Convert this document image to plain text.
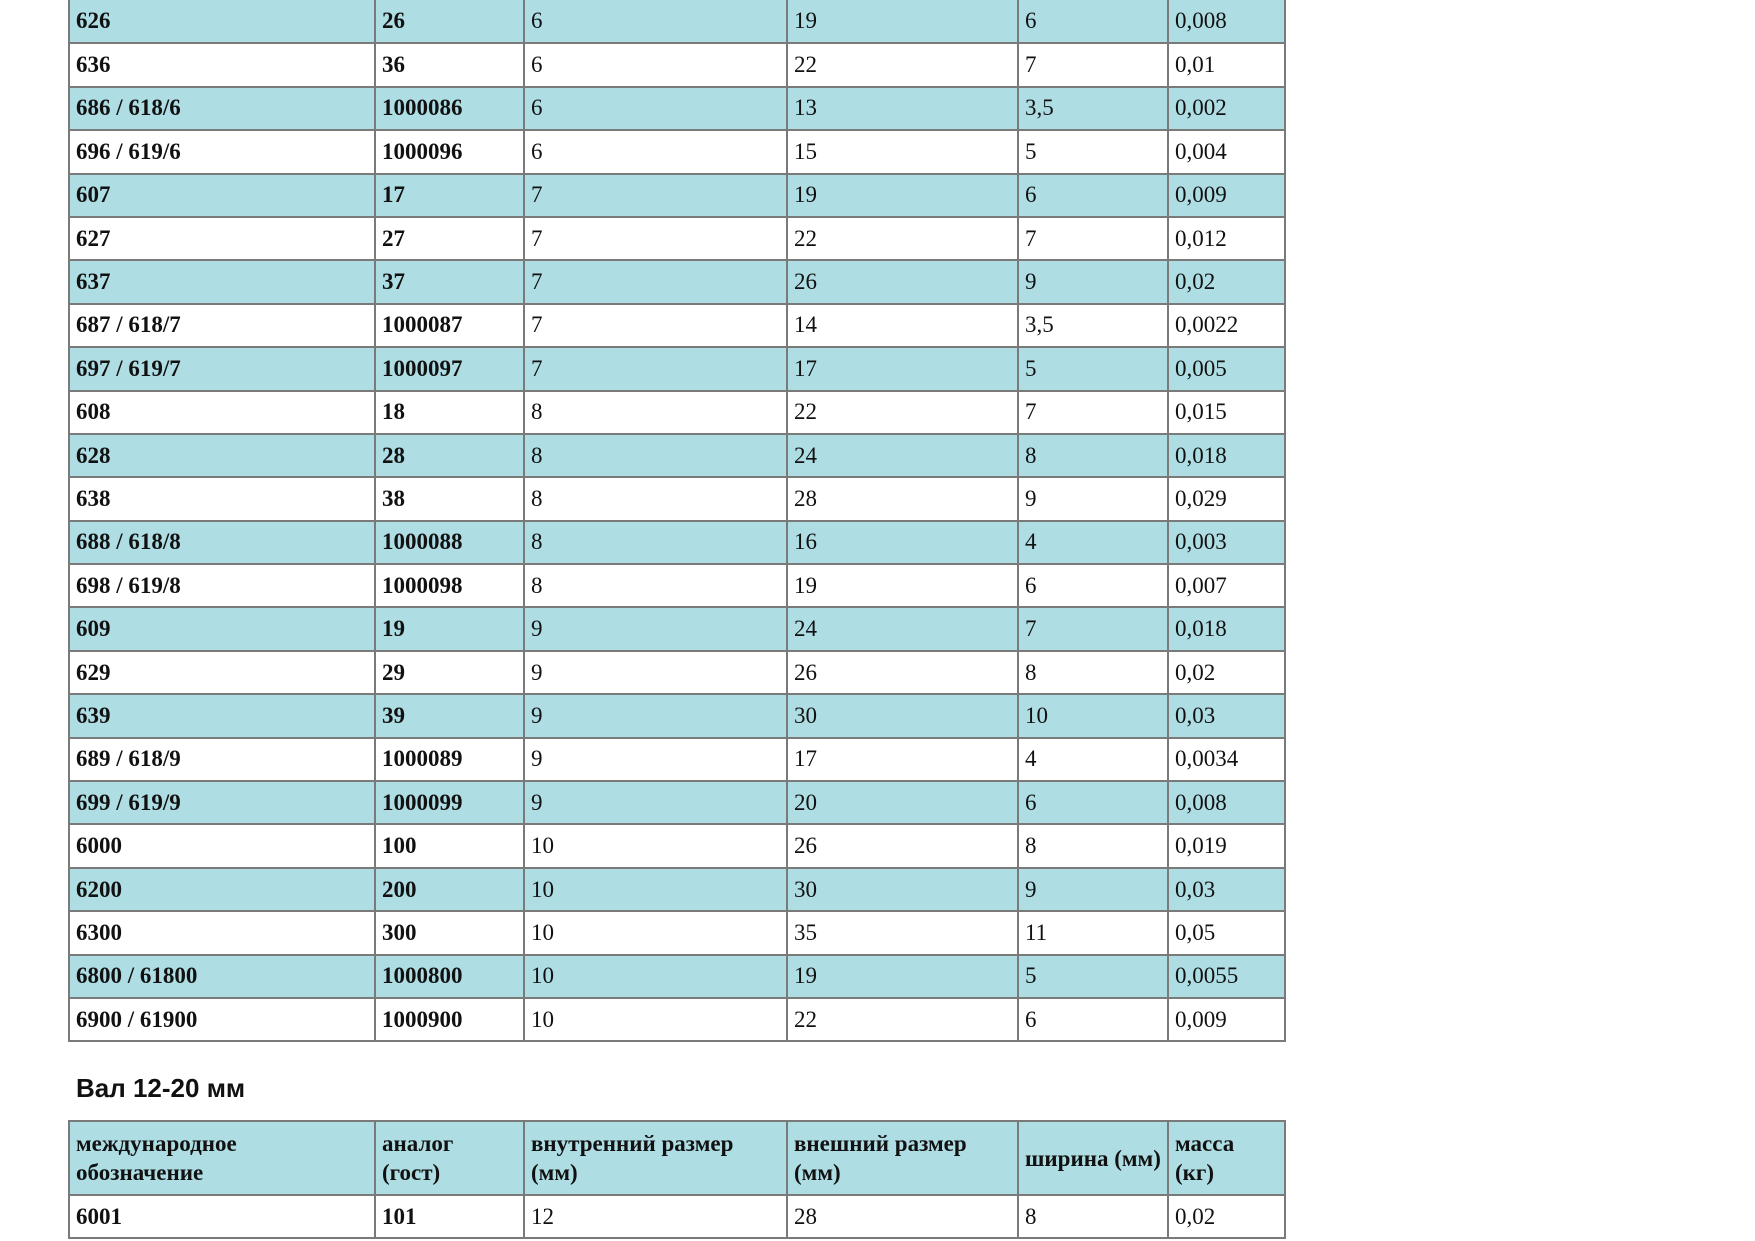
626	26	6	19	6	0,008
636	36	6	22	7	0,01
686 / 618/6	1000086	6	13	3,5	0,002
696 / 619/6	1000096	6	15	5	0,004
607	17	7	19	6	0,009
627	27	7	22	7	0,012
637	37	7	26	9	0,02
687 / 618/7	1000087	7	14	3,5	0,0022
697 / 619/7	1000097	7	17	5	0,005
608	18	8	22	7	0,015
628	28	8	24	8	0,018
638	38	8	28	9	0,029
688 / 618/8	1000088	8	16	4	0,003
698 / 619/8	1000098	8	19	6	0,007
609	19	9	24	7	0,018
629	29	9	26	8	0,02
639	39	9	30	10	0,03
689 / 618/9	1000089	9	17	4	0,0034
699 / 619/9	1000099	9	20	6	0,008
6000	100	10	26	8	0,019
6200	200	10	30	9	0,03
6300	300	10	35	11	0,05
6800 / 61800	1000800	10	19	5	0,0055
6900 / 61900	1000900	10	22	6	0,009
Вал 12-20 мм
международное обозначение	аналог (гост)	внутренний размер (мм)	внешний размер (мм)	ширина (мм)	масса (кг)
6001	101	12	28	8	0,02
